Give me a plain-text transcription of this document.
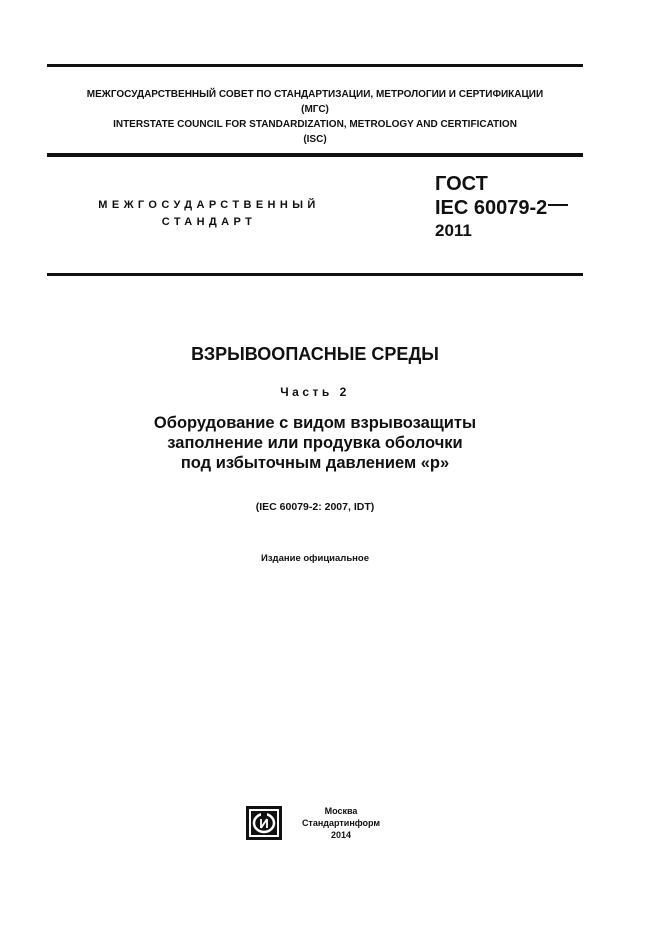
МЕЖГОСУДАРСТВЕННЫЙ СОВЕТ ПО СТАНДАРТИЗАЦИИ, МЕТРОЛОГИИ И СЕРТИФИКАЦИИ
(МГС)
INTERSTATE COUNCIL FOR STANDARDIZATION, METROLOGY AND CERTIFICATION
(ISC)
МЕЖГОСУДАРСТВЕННЫЙ
СТАНДАРТ
ГОСТ
IEC 60079-2
2011
ВЗРЫВООПАСНЫЕ СРЕДЫ
Часть 2
Оборудование с видом взрывозащиты
заполнение или продувка оболочки
под избыточным давлением «р»
(IEC 60079-2: 2007, IDT)
Издание официальное
Москва
Стандартинформ
2014
